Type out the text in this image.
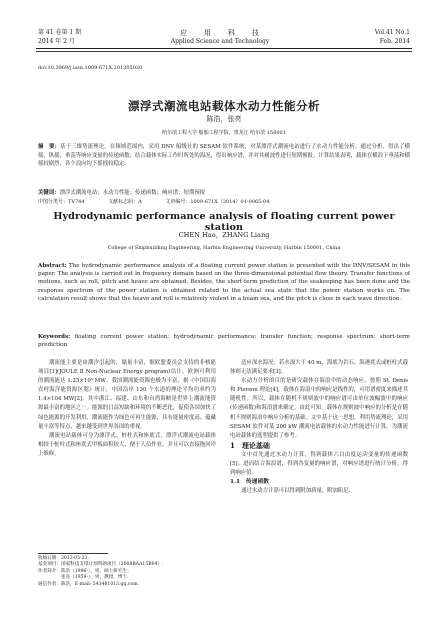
第 41 卷第 1 期
2014 年 2 月
应　　用　　科　　技
Applied Science and Technology
Vol.41 No.1
Feb. 2014
doi:10.3969/j.issn.1009-671X.201305020
漂浮式潮流电站载体水动力性能分析
陈浩，张亮
哈尔滨工程大学 船舶工程学院，黑龙江 哈尔滨 150001
摘　要：基于三维势流理论，在频域范围内，采用 DNV 船级社的 SESAM 软件系统，对某漂浮式潮流电站进行了水动力性能分析。通过分析，得出了横摇、纵摇、垂荡等响应变量的传递函数；结合载体实际工作时所处的海况，得出响应谱，并对其耐波性进行短期预报。计算结果表明，载体在横浪下垂荡和横摇较剧烈，各个浪向均下摇摇较稳定。
关键词：漂浮式潮流电站；水动力性能；传递函数；响应谱；短期预报
中图分类号：TV744	文献标志码：A	文章编号：1009-671X（2014）01-0065-04
Hydrodynamic performance analysis of floating current power station
CHEN Hao，ZHANG Liang
College of Shipbuilding Engineering, Harbin Engineering University, Harbin 150001, China
Abstract: The hydrodynamic performance analysis of a floating current power station is presented with the DNV/SESAM in this paper. The analysis is carried out in frequency domain based on the three-dimensional potential flow theory. Transfer functions of motions, such as roll, pitch and heave are obtained. Besides, the short-term prediction of the seakeeping has been done and the response spectrum of the power station is obtained related to the actual sea state that the power station works on. The calculation result shows that the heave and roll is relatively violent in a beam sea, and the pitch is close in each wave direction.
Keywords: floating current power station; hydrodynamic performance; transfer function; response spectrum; short-term prediction

潮流能主要是由潮汐引起的，储量丰富，据欧盟委员会支持的非核能项目[1](JOULE Ⅱ Non-Nuclear Energy program)估计，欧洲可利用的潮流能达 1.25×10⁵ MW。我国潮流能资源也极为丰富，据《中国沿海农村海洋能资源区划》统计，中国沿岸 130 个水道的理论平均功率约为 1.4×104 MW[2]。其中浙江、福建、山东和台湾海峡是世界上潮流能资源最丰富的地区之一。能源的日益短缺和环境的不断恶化，促使各国加快了绿色能源的开发利用，潮流能作为绿色可再生能源，具有能量密度高、蕴藏量丰富等特点，越来越受到世界各国的重视。

潮流电站载体可分为漂浮式、桩柱式和座底式。漂浮式潮流电站载体相较于桩柱式和座底式甲板面积较大，便于人员作业，并且可以直接拖回岸上维修，

适应深水海况：若水深大于 40 m、海底为岩石、海港底式或桩柱式载体则无法满足要求[3]。

水动力分析的目的是研究载体在海浪中的动态响应。按照 St. Denis 和 Pierson 理论[4]，载体在海浪中的响应是线性的，可用谱密度来描述其随机性。所以，载体在随机不规则波中的响应谱可由单位波幅波中的响应(传递函数)和海浪谱来确定。由此可知，载体在规则波中响应的分析是在随机不规则海浪中响应分析的基础。文中基于这一思想，利用势流理论，采用 SESAM 软件对某 200 kW 潮流电站载体的水动力性能进行计算，为潮流电站载体的选型提供了参考。

1　理论基础

文中首先通过水动力计算，得到载体六自由度运动变量的传递函数[5]。进而结合海浪谱，得到各变量的响应谱，对响应谱进行统计分析，得到响应值。

1.1　传递函数

通过水动力计算可以得到附加质量、附加阻尼、

收稿日期：2013-05-23.
基金项目：国家科技支撑计划资助项目（2008BAA15B04）.
作者简介：陈浩（1986-），男，硕士研究生；
　　　　　张亮（1959-），男，教授，博士.
通信作者：陈浩，E-mail: 543481013.qq.com.
